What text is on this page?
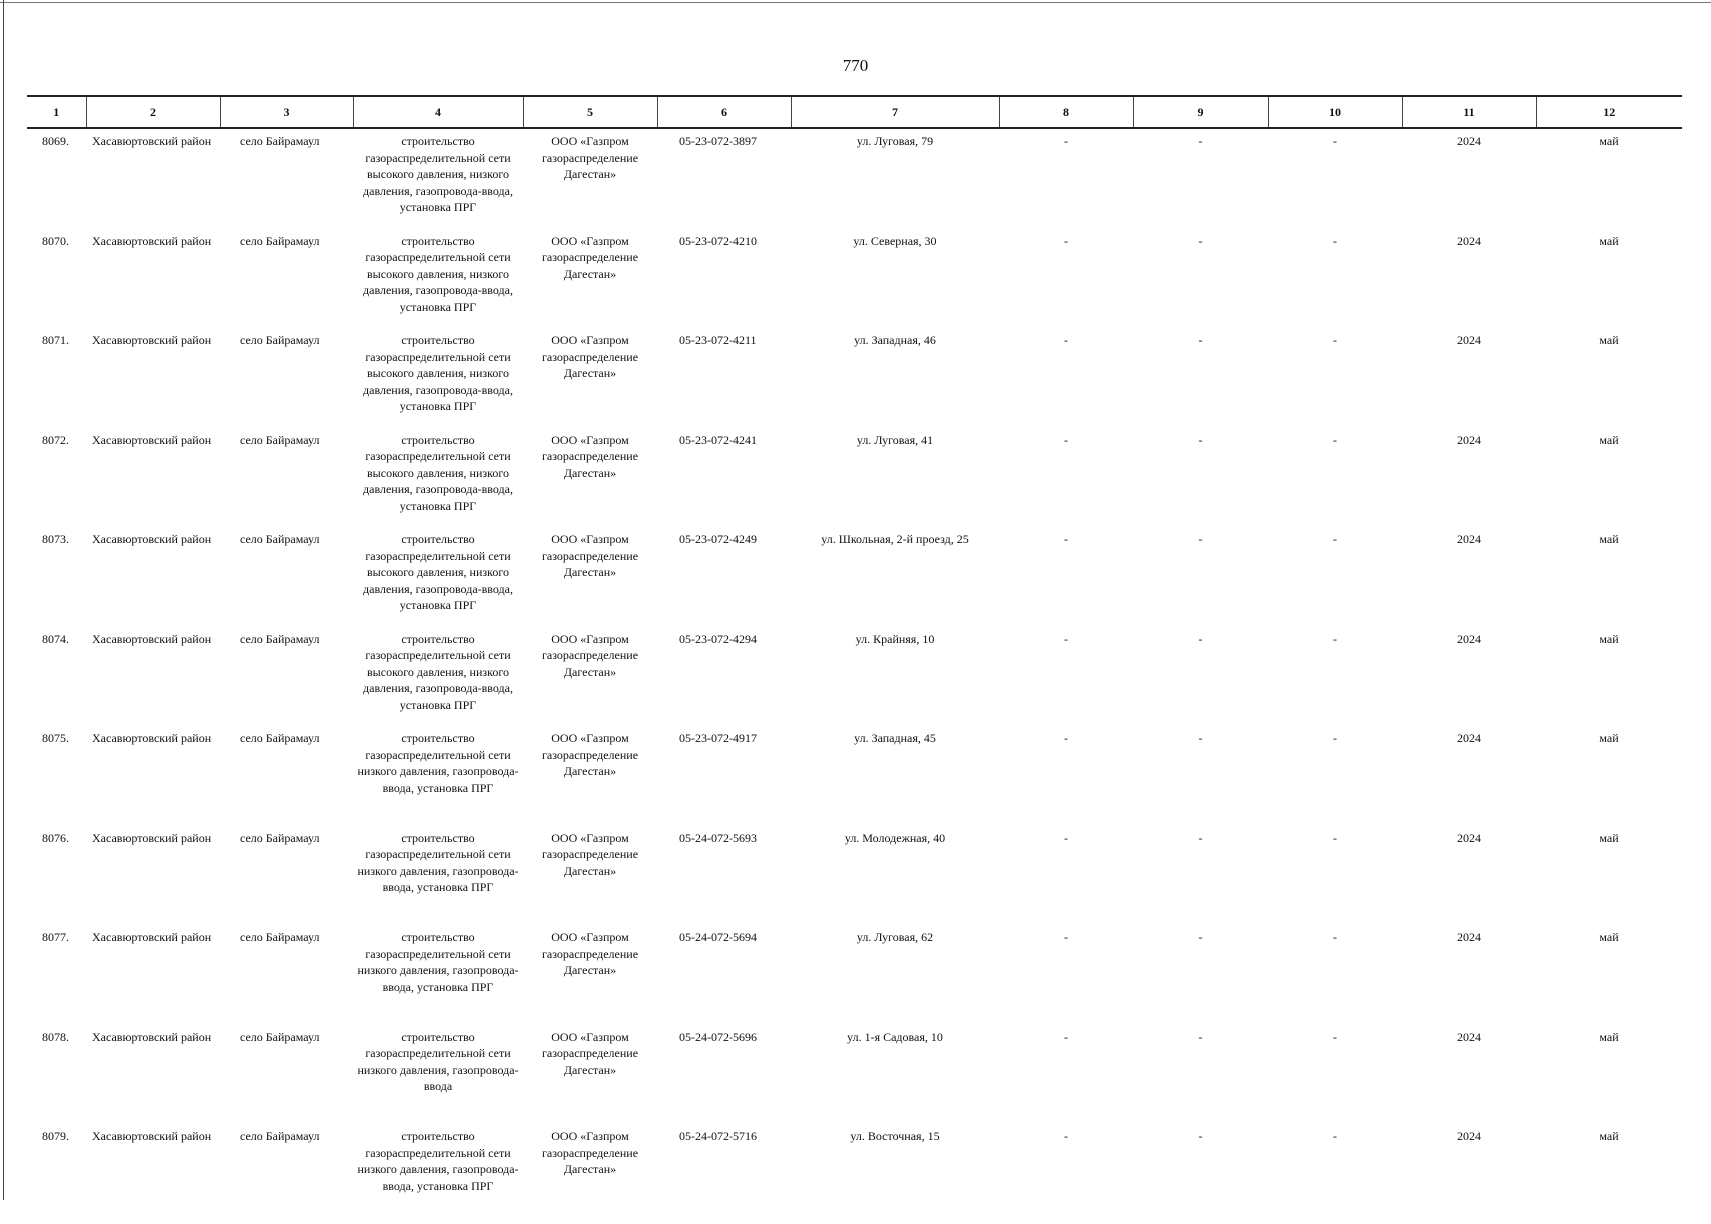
770
1	2	3	4	5	6	7	8	9	10	11	12
8069.	Хасавюртовский район	село Байрамаул	строительство газораспределительной сети высокого давления, низкого давления, газопровода-ввода, установка ПРГ	ООО «Газпром газораспределение Дагестан»	05-23-072-3897	ул. Луговая, 79	-	-	-	2024	май
8070.	Хасавюртовский район	село Байрамаул	строительство газораспределительной сети высокого давления, низкого давления, газопровода-ввода, установка ПРГ	ООО «Газпром газораспределение Дагестан»	05-23-072-4210	ул. Северная, 30	-	-	-	2024	май
8071.	Хасавюртовский район	село Байрамаул	строительство газораспределительной сети высокого давления, низкого давления, газопровода-ввода, установка ПРГ	ООО «Газпром газораспределение Дагестан»	05-23-072-4211	ул. Западная, 46	-	-	-	2024	май
8072.	Хасавюртовский район	село Байрамаул	строительство газораспределительной сети высокого давления, низкого давления, газопровода-ввода, установка ПРГ	ООО «Газпром газораспределение Дагестан»	05-23-072-4241	ул. Луговая, 41	-	-	-	2024	май
8073.	Хасавюртовский район	село Байрамаул	строительство газораспределительной сети высокого давления, низкого давления, газопровода-ввода, установка ПРГ	ООО «Газпром газораспределение Дагестан»	05-23-072-4249	ул. Школьная, 2-й проезд, 25	-	-	-	2024	май
8074.	Хасавюртовский район	село Байрамаул	строительство газораспределительной сети высокого давления, низкого давления, газопровода-ввода, установка ПРГ	ООО «Газпром газораспределение Дагестан»	05-23-072-4294	ул. Крайняя, 10	-	-	-	2024	май
8075.	Хасавюртовский район	село Байрамаул	строительство газораспределительной сети низкого давления, газопровода-ввода, установка ПРГ	ООО «Газпром газораспределение Дагестан»	05-23-072-4917	ул. Западная, 45	-	-	-	2024	май
8076.	Хасавюртовский район	село Байрамаул	строительство газораспределительной сети низкого давления, газопровода-ввода, установка ПРГ	ООО «Газпром газораспределение Дагестан»	05-24-072-5693	ул. Молодежная, 40	-	-	-	2024	май
8077.	Хасавюртовский район	село Байрамаул	строительство газораспределительной сети низкого давления, газопровода-ввода, установка ПРГ	ООО «Газпром газораспределение Дагестан»	05-24-072-5694	ул. Луговая, 62	-	-	-	2024	май
8078.	Хасавюртовский район	село Байрамаул	строительство газораспределительной сети низкого давления, газопровода-ввода	ООО «Газпром газораспределение Дагестан»	05-24-072-5696	ул. 1-я Садовая, 10	-	-	-	2024	май
8079.	Хасавюртовский район	село Байрамаул	строительство газораспределительной сети низкого давления, газопровода-ввода, установка ПРГ	ООО «Газпром газораспределение Дагестан»	05-24-072-5716	ул. Восточная, 15	-	-	-	2024	май
